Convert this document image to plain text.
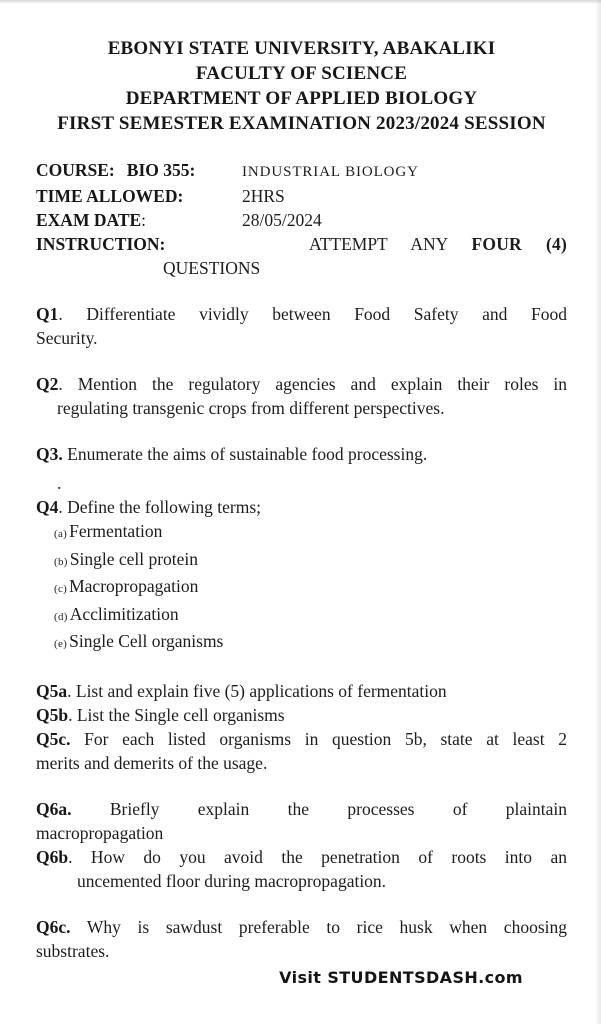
EBONYI STATE UNIVERSITY, ABAKALIKI
FACULTY OF SCIENCE
DEPARTMENT OF APPLIED BIOLOGY
FIRST SEMESTER EXAMINATION 2023/2024 SESSION
COURSE: BIO 355:	INDUSTRIAL BIOLOGY
TIME ALLOWED:	2HRS
EXAM DATE:	28/05/2024
INSTRUCTION:	ATTEMPT ANY FOUR (4)
QUESTIONS

Q1. Differentiate vividly between Food Safety and Food
Security.

Q2. Mention the regulatory agencies and explain their roles in
regulating transgenic crops from different perspectives.

Q3. Enumerate the aims of sustainable food processing.

.

Q4. Define the following terms;
(a) Fermentation
(b) Single cell protein
(c) Macropropagation
(d) Acclimitization
(e) Single Cell organisms

Q5a. List and explain five (5) applications of fermentation

Q5b. List the Single cell organisms

Q5c. For each listed organisms in question 5b, state at least 2
merits and demerits of the usage.

Q6a. Briefly explain the processes of plaintain
macropropagation

Q6b. How do you avoid the penetration of roots into an
uncemented floor during macropropagation.

Q6c. Why is sawdust preferable to rice husk when choosing
substrates.

Visit STUDENTSDASH.com
